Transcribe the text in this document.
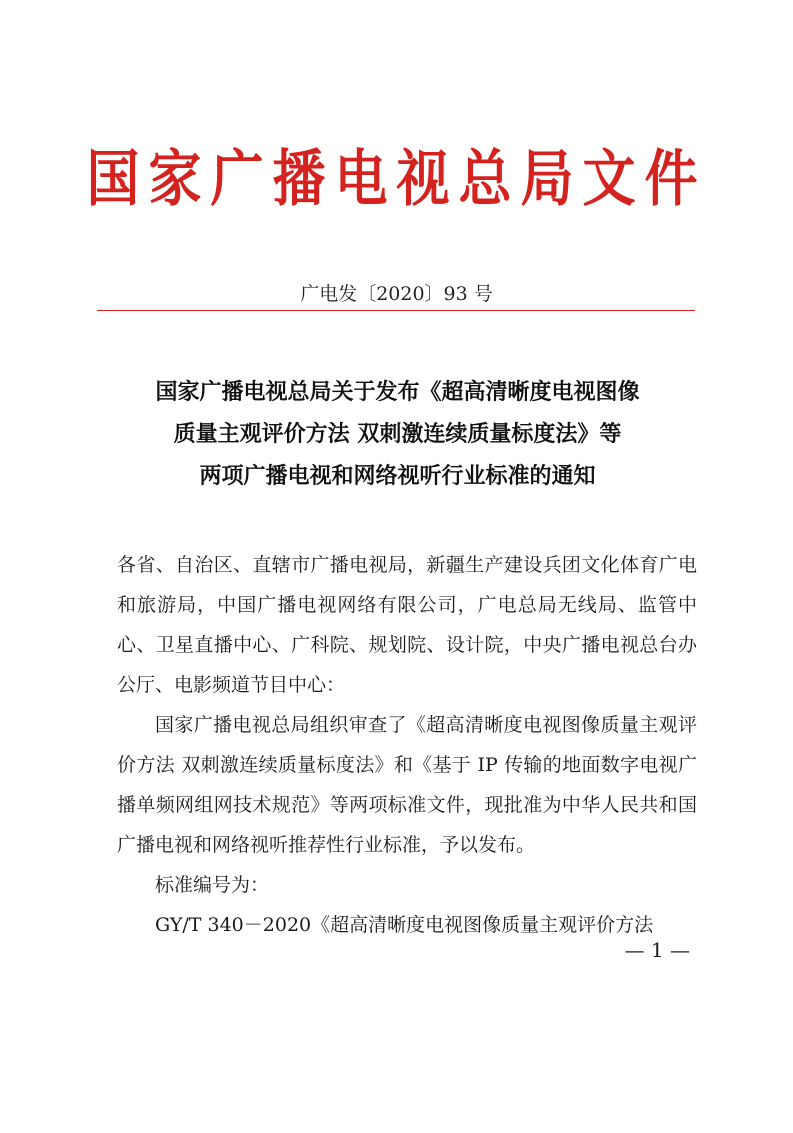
国家广播电视总局文件
广电发〔2020〕93 号
国家广播电视总局关于发布《超高清晰度电视图像
质量主观评价方法 双刺激连续质量标度法》等
两项广播电视和网络视听行业标准的通知

各省、自治区、直辖市广播电视局，新疆生产建设兵团文化体育广电和旅游局，中国广播电视网络有限公司，广电总局无线局、监管中心、卫星直播中心、广科院、规划院、设计院，中央广播电视总台办公厅、电影频道节目中心：

国家广播电视总局组织审查了《超高清晰度电视图像质量主观评价方法 双刺激连续质量标度法》和《基于 IP 传输的地面数字电视广播单频网组网技术规范》等两项标准文件，现批准为中华人民共和国广播电视和网络视听推荐性行业标准，予以发布。

标准编号为：

GY/T 340－2020《超高清晰度电视图像质量主观评价方法

— 1 —
